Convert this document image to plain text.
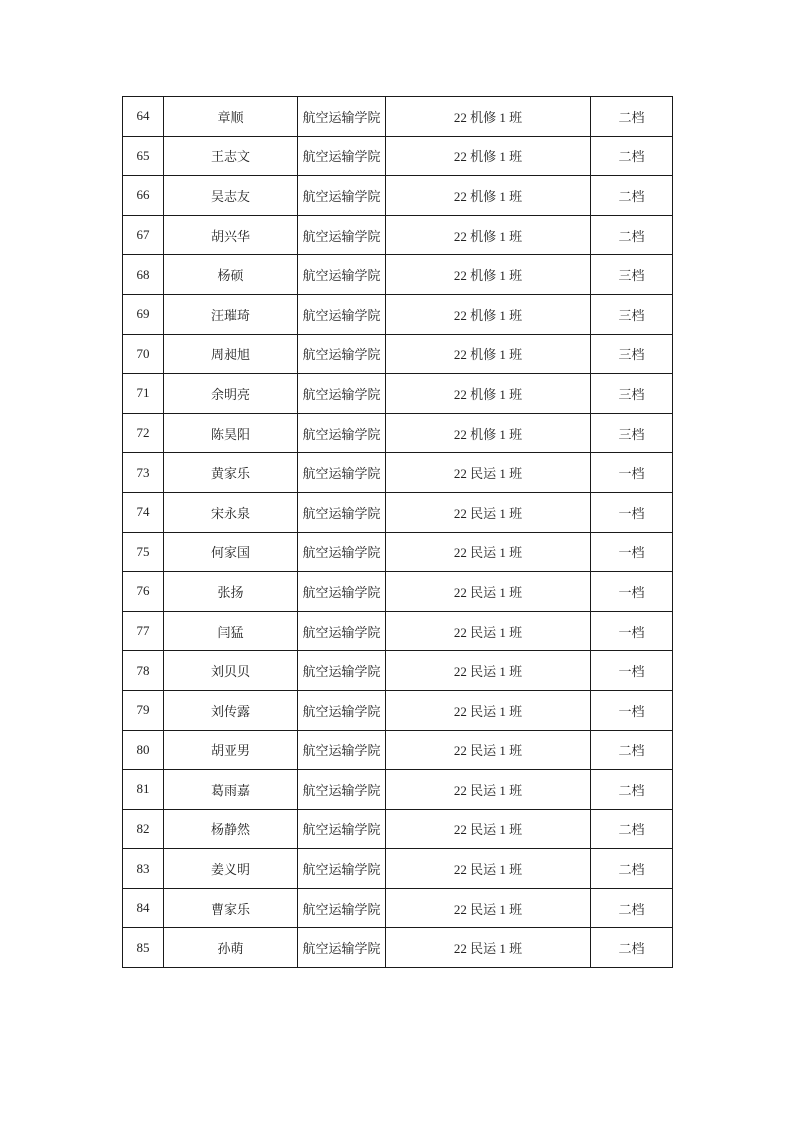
64	章顺	航空运输学院	22 机修 1 班	二档
65	王志文	航空运输学院	22 机修 1 班	二档
66	吴志友	航空运输学院	22 机修 1 班	二档
67	胡兴华	航空运输学院	22 机修 1 班	二档
68	杨硕	航空运输学院	22 机修 1 班	三档
69	汪璀琦	航空运输学院	22 机修 1 班	三档
70	周昶旭	航空运输学院	22 机修 1 班	三档
71	余明亮	航空运输学院	22 机修 1 班	三档
72	陈昊阳	航空运输学院	22 机修 1 班	三档
73	黄家乐	航空运输学院	22 民运 1 班	一档
74	宋永泉	航空运输学院	22 民运 1 班	一档
75	何家国	航空运输学院	22 民运 1 班	一档
76	张扬	航空运输学院	22 民运 1 班	一档
77	闫猛	航空运输学院	22 民运 1 班	一档
78	刘贝贝	航空运输学院	22 民运 1 班	一档
79	刘传露	航空运输学院	22 民运 1 班	一档
80	胡亚男	航空运输学院	22 民运 1 班	二档
81	葛雨嘉	航空运输学院	22 民运 1 班	二档
82	杨静然	航空运输学院	22 民运 1 班	二档
83	姜义明	航空运输学院	22 民运 1 班	二档
84	曹家乐	航空运输学院	22 民运 1 班	二档
85	孙萌	航空运输学院	22 民运 1 班	二档
